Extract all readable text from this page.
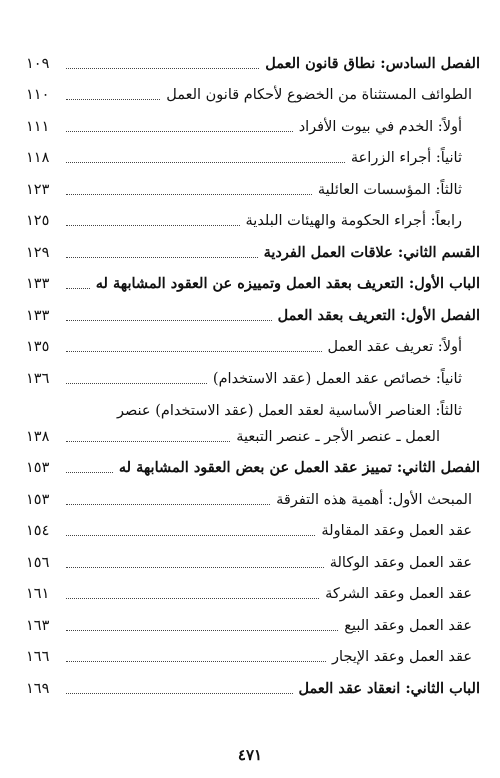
الفصل السادس: نطاق قانون العمل
١٠٩
الطوائف المستثناة من الخضوع لأحكام قانون العمل
١١٠
أولاً: الخدم في بيوت الأفراد
١١١
ثانياً: أجراء الزراعة
١١٨
ثالثاً: المؤسسات العائلية
١٢٣
رابعاً: أجراء الحكومة والهيئات البلدية
١٢٥
القسم الثاني: علاقات العمل الفردية
١٢٩
الباب الأول: التعريف بعقد العمل وتمييزه عن العقود المشابهة له
١٣٣
الفصل الأول: التعريف بعقد العمل
١٣٣
أولاً: تعريف عقد العمل
١٣٥
ثانياً: خصائص عقد العمل (عقد الاستخدام)
١٣٦
ثالثاً: العناصر الأساسية لعقد العمل (عقد الاستخدام) عنصر
العمل ـ عنصر الأجر ـ عنصر التبعية
١٣٨
الفصل الثاني: تمييز عقد العمل عن بعض العقود المشابهة له
١٥٣
المبحث الأول: أهمية هذه التفرقة
١٥٣
عقد العمل وعقد المقاولة
١٥٤
عقد العمل وعقد الوكالة
١٥٦
عقد العمل وعقد الشركة
١٦١
عقد العمل وعقد البيع
١٦٣
عقد العمل وعقد الإيجار
١٦٦
الباب الثاني: انعقاد عقد العمل
١٦٩
٤٧١
